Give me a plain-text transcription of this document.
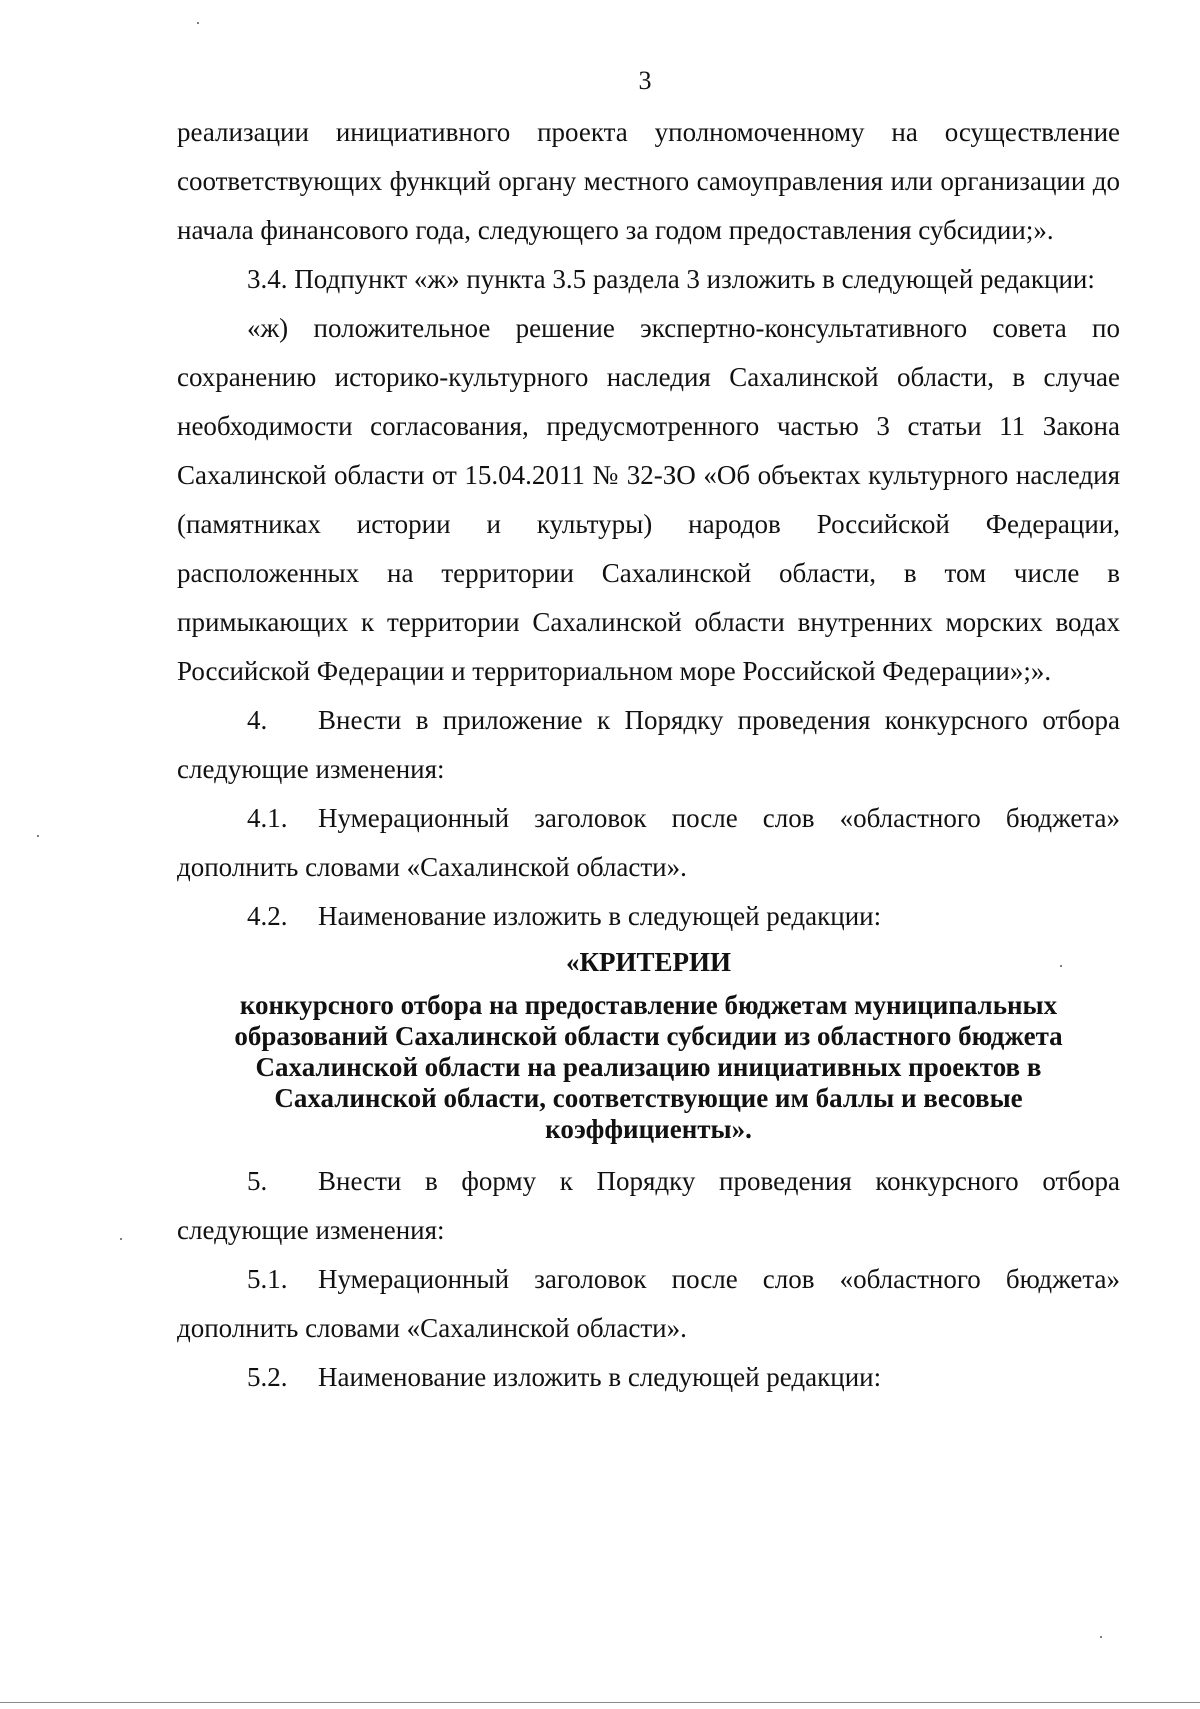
3

реализации инициативного проекта уполномоченному на осуществление соответствующих функций органу местного самоуправления или организации до начала финансового года, следующего за годом предоставления субсидии;».

3.4. Подпункт «ж» пункта 3.5 раздела 3 изложить в следующей редакции:

«ж) положительное решение экспертно-консультативного совета по сохранению историко-культурного наследия Сахалинской области, в случае необходимости согласования, предусмотренного частью 3 статьи 11 Закона Сахалинской области от 15.04.2011 № 32-ЗО «Об объектах культурного наследия (памятниках истории и культуры) народов Российской Федерации, расположенных на территории Сахалинской области, в том числе в примыкающих к территории Сахалинской области внутренних морских водах Российской Федерации и территориальном море Российской Федерации»;».

4. Внести в приложение к Порядку проведения конкурсного отбора следующие изменения:

4.1. Нумерационный заголовок после слов «областного бюджета» дополнить словами «Сахалинской области».

4.2. Наименование изложить в следующей редакции:

«КРИТЕРИИ

конкурсного отбора на предоставление бюджетам муниципальных образований Сахалинской области субсидии из областного бюджета Сахалинской области на реализацию инициативных проектов в Сахалинской области, соответствующие им баллы и весовые коэффициенты».

5. Внести в форму к Порядку проведения конкурсного отбора следующие изменения:

5.1. Нумерационный заголовок после слов «областного бюджета» дополнить словами «Сахалинской области».

5.2. Наименование изложить в следующей редакции:
